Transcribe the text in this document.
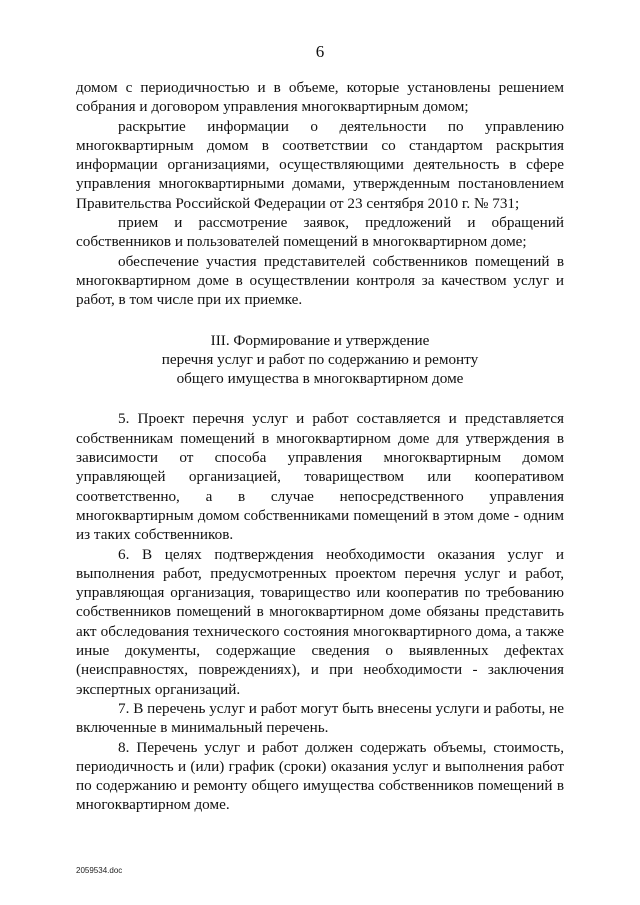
6

домом с периодичностью и в объеме, которые установлены решением собрания и договором управления многоквартирным домом;

раскрытие информации о деятельности по управлению многоквартирным домом в соответствии со стандартом раскрытия информации организациями, осуществляющими деятельность в сфере управления многоквартирными домами, утвержденным постановлением Правительства Российской Федерации от 23 сентября 2010 г. № 731;

прием и рассмотрение заявок, предложений и обращений собственников и пользователей помещений в многоквартирном доме;

обеспечение участия представителей собственников помещений в многоквартирном доме в осуществлении контроля за качеством услуг и работ, в том числе при их приемке.

III. Формирование и утверждение
перечня услуг и работ по содержанию и ремонту
общего имущества в многоквартирном доме

5. Проект перечня услуг и работ составляется и представляется собственникам помещений в многоквартирном доме для утверждения в зависимости от способа управления многоквартирным домом управляющей организацией, товариществом или кооперативом соответственно, а в случае непосредственного управления многоквартирным домом собственниками помещений в этом доме - одним из таких собственников.

6. В целях подтверждения необходимости оказания услуг и выполнения работ, предусмотренных проектом перечня услуг и работ, управляющая организация, товарищество или кооператив по требованию собственников помещений в многоквартирном доме обязаны представить акт обследования технического состояния многоквартирного дома, а также иные документы, содержащие сведения о выявленных дефектах (неисправностях, повреждениях), и при необходимости - заключения экспертных организаций.

7. В перечень услуг и работ могут быть внесены услуги и работы, не включенные в минимальный перечень.

8. Перечень услуг и работ должен содержать объемы, стоимость, периодичность и (или) график (сроки) оказания услуг и выполнения работ по содержанию и ремонту общего имущества собственников помещений в многоквартирном доме.

2059534.doc
